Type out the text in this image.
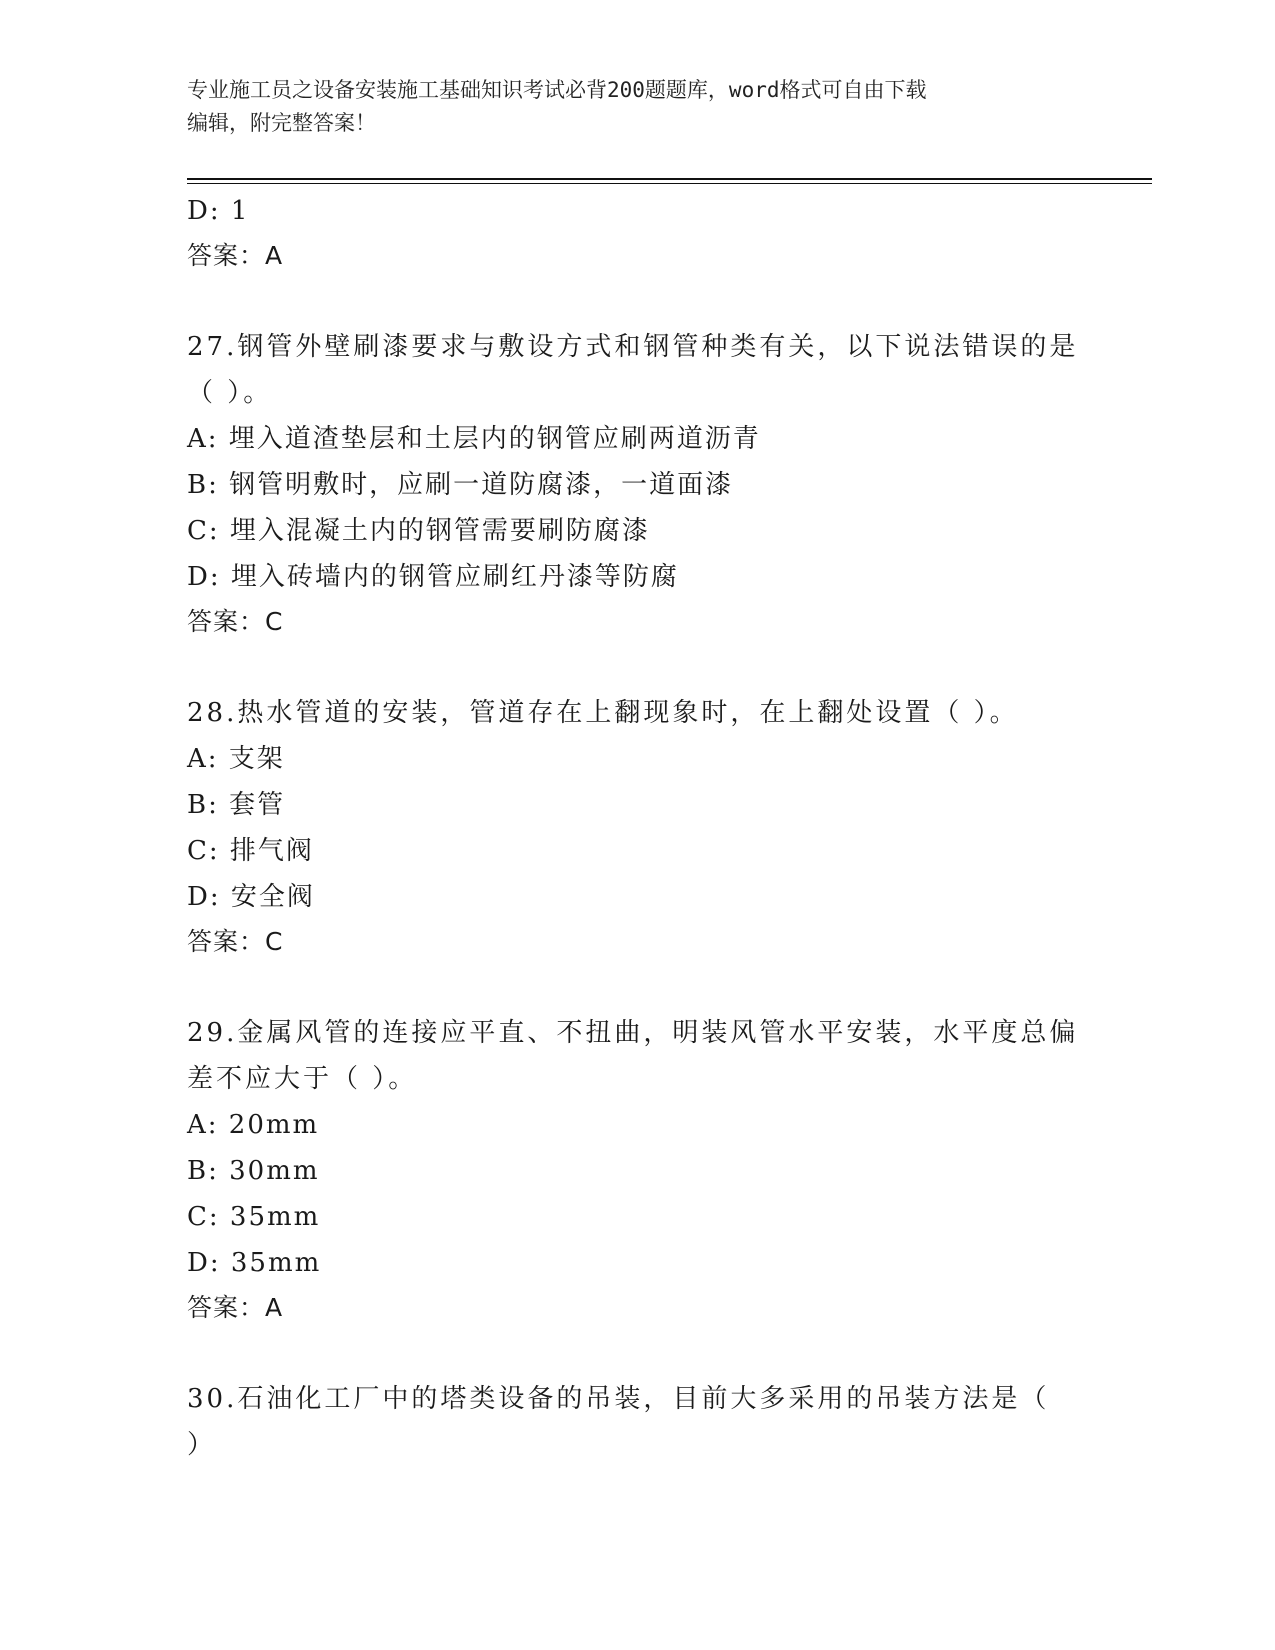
专业施工员之设备安装施工基础知识考试必背200题题库，word格式可自由下载
编辑，附完整答案！
D: 1
答案：A
27.钢管外壁刷漆要求与敷设方式和钢管种类有关，以下说法错误的是
（ ）。
A: 埋入道渣垫层和土层内的钢管应刷两道沥青
B: 钢管明敷时，应刷一道防腐漆，一道面漆
C: 埋入混凝土内的钢管需要刷防腐漆
D: 埋入砖墙内的钢管应刷红丹漆等防腐
答案：C
28.热水管道的安装，管道存在上翻现象时，在上翻处设置（ ）。
A: 支架
B: 套管
C: 排气阀
D: 安全阀
答案：C
29.金属风管的连接应平直、不扭曲，明装风管水平安装，水平度总偏
差不应大于（ ）。
A: 20mm
B: 30mm
C: 35mm
D: 35mm
答案：A
30.石油化工厂中的塔类设备的吊装，目前大多采用的吊装方法是（
）
